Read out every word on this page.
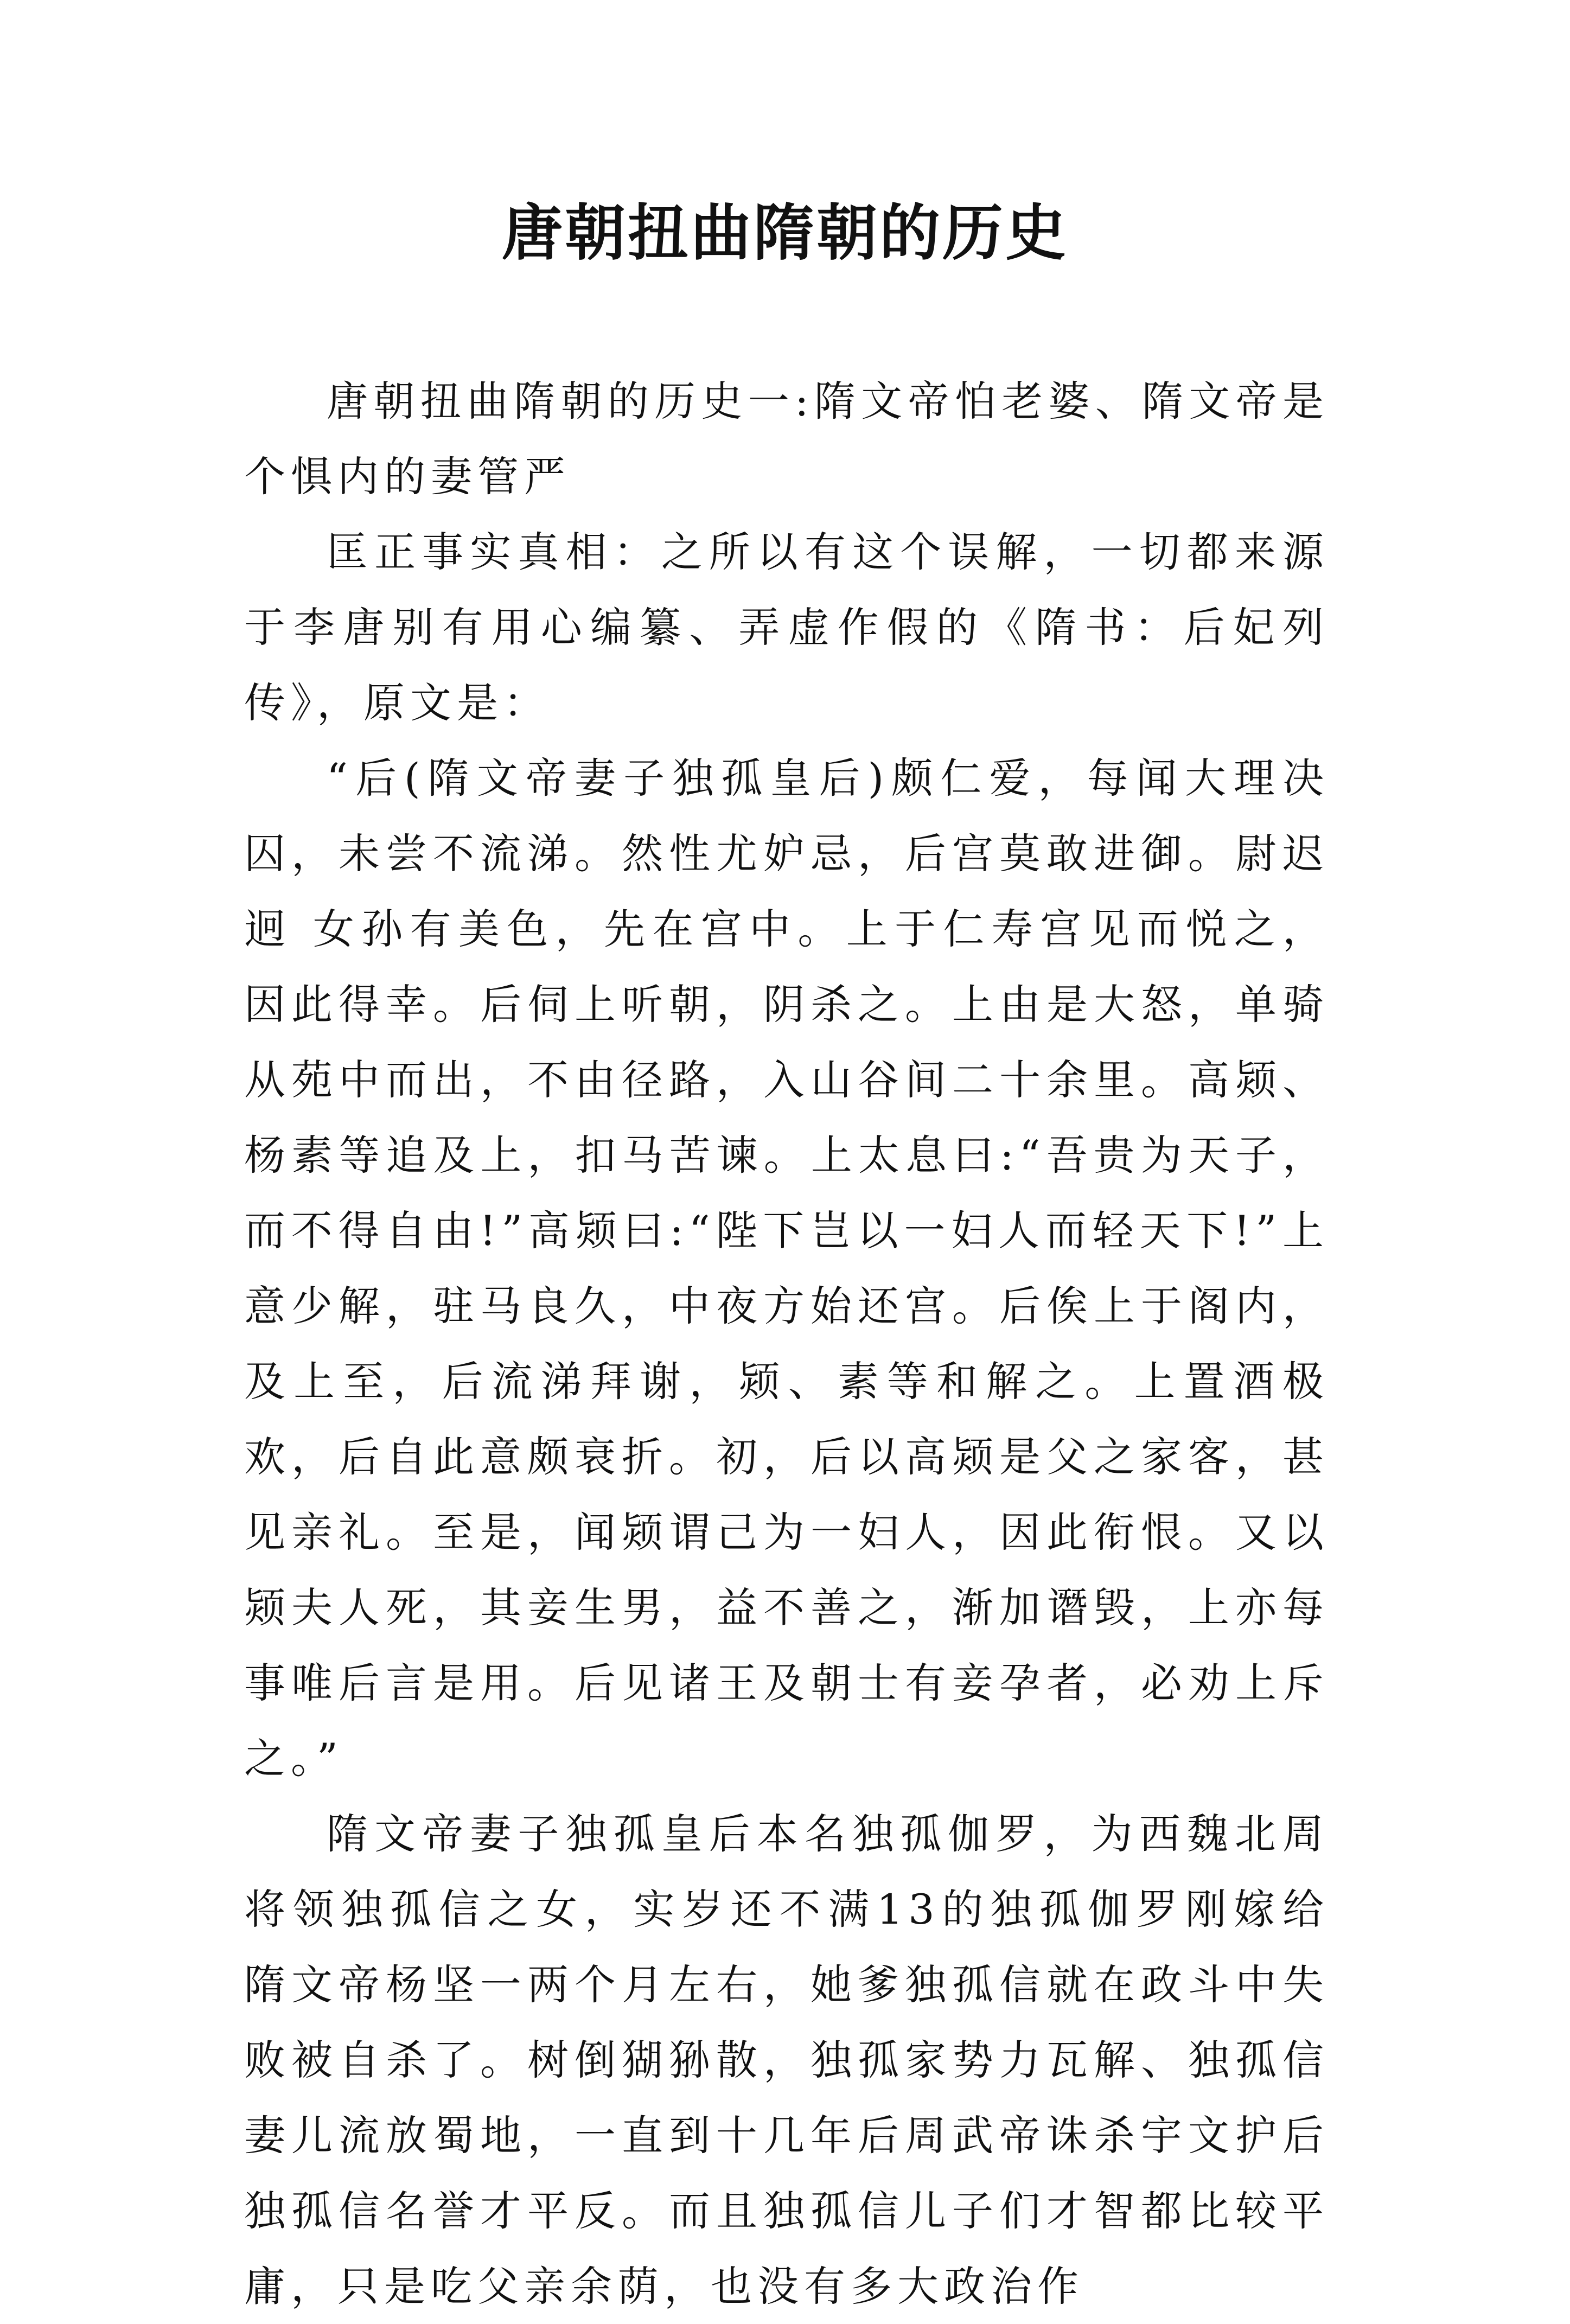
唐朝扭曲隋朝的历史

唐朝扭曲隋朝的历史一:隋文帝怕老婆、隋文帝是个惧内的妻管严

匡正事实真相：之所以有这个误解，一切都来源于李唐别有用心编纂、弄虚作假的《隋书：后妃列传》，原文是：

“后(隋文帝妻子独孤皇后)颇仁爱，每闻大理决囚，未尝不流涕。然性尤妒忌，后宫莫敢进御。尉迟迥 女孙有美色，先在宫中。上于仁寿宫见而悦之，因此得幸。后伺上听朝，阴杀之。上由是大怒，单骑从苑中而出，不由径路，入山谷间二十余里。高颎、杨素等追及上，扣马苦谏。上太息曰:“吾贵为天子，而不得自由!”高颎曰:“陛下岂以一妇人而轻天下!”上意少解，驻马良久，中夜方始还宫。后俟上于阁内，及上至，后流涕拜谢，颎、素等和解之。上置酒极欢，后自此意颇衰折。初，后以高颎是父之家客，甚见亲礼。至是，闻颎谓己为一妇人，因此衔恨。又以颎夫人死，其妾生男，益不善之，渐加谮毁，上亦每事唯后言是用。后见诸王及朝士有妾孕者，必劝上斥之。”

隋文帝妻子独孤皇后本名独孤伽罗，为西魏北周将领独孤信之女，实岁还不满13的独孤伽罗刚嫁给隋文帝杨坚一两个月左右，她爹独孤信就在政斗中失败被自杀了。树倒猢狲散，独孤家势力瓦解、独孤信妻儿流放蜀地，一直到十几年后周武帝诛杀宇文护后独孤信名誉才平反。而且独孤信儿子们才智都比较平庸，只是吃父亲余荫，也没有多大政治作
